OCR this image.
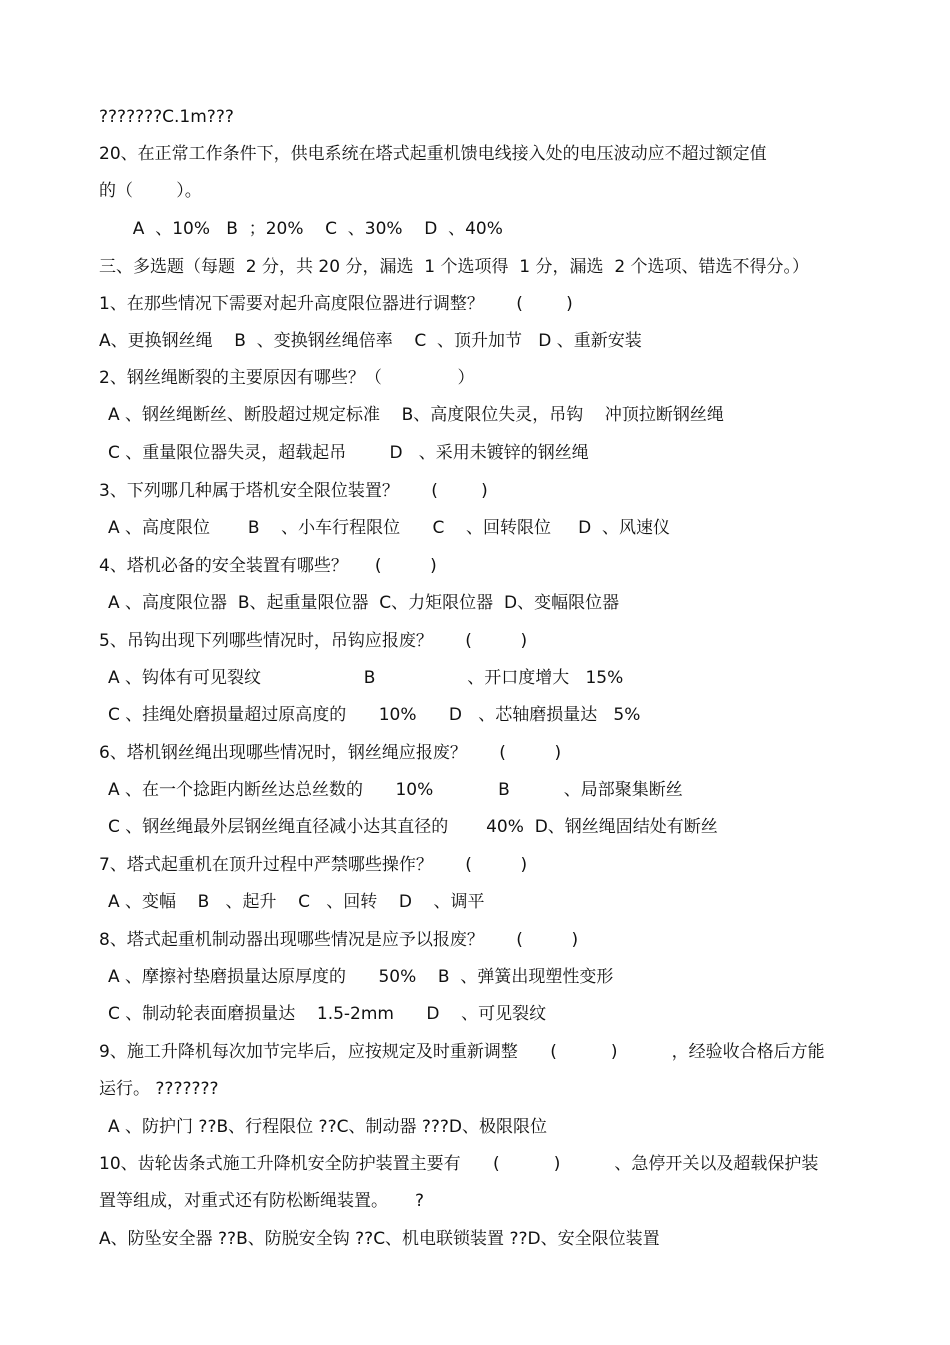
???????C.1m???
20、在正常工作条件下，供电系统在塔式起重机馈电线接入处的电压波动应不超过额定值
的（        ）。
A  、10%   B  ；20%    C  、30%    D  、40%
三、多选题（每题  2 分，共 20 分，漏选  1 个选项得  1 分，漏选  2 个选项、错选不得分。）
1、在那些情况下需要对起升高度限位器进行调整？      (        )
A、更换钢丝绳    B  、变换钢丝绳倍率    C  、顶升加节   D 、重新安装
2、钢丝绳断裂的主要原因有哪些？（              ）
A 、钢丝绳断丝、断股超过规定标准    B、高度限位失灵，吊钩    冲顶拉断钢丝绳
C 、重量限位器失灵，超载起吊        D   、采用未镀锌的钢丝绳
3、下列哪几种属于塔机安全限位装置？      (        )
A 、高度限位       B    、小车行程限位      C    、回转限位     D  、风速仪
4、塔机必备的安全装置有哪些？     (         )
A 、高度限位器  B、起重量限位器  C、力矩限位器  D、变幅限位器
5、吊钩出现下列哪些情况时，吊钩应报废？      (         )
A 、钩体有可见裂纹                   B                 、开口度增大   15%
C 、挂绳处磨损量超过原高度的      10%      D   、芯轴磨损量达   5%
6、塔机钢丝绳出现哪些情况时，钢丝绳应报废？      (         )
A 、在一个捻距内断丝达总丝数的      10%            B          、局部聚集断丝
C 、钢丝绳最外层钢丝绳直径减小达其直径的       40%  D、钢丝绳固结处有断丝
7、塔式起重机在顶升过程中严禁哪些操作？      (         )
A 、变幅    B   、起升    C   、回转    D    、调平
8、塔式起重机制动器出现哪些情况是应予以报废？      (         )
A 、摩擦衬垫磨损量达原厚度的      50%    B  、弹簧出现塑性变形
C 、制动轮表面磨损量达    1.5-2mm      D    、可见裂纹
9、施工升降机每次加节完毕后，应按规定及时重新调整      (          )          ，经验收合格后方能
运行。 ???????
A 、防护门 ??B、行程限位 ??C、制动器 ???D、极限限位
10、齿轮齿条式施工升降机安全防护装置主要有      (          )          、急停开关以及超载保护装
置等组成，对重式还有防松断绳装置。     ?
A、防坠安全器 ??B、防脱安全钩 ??C、机电联锁装置 ??D、安全限位装置
